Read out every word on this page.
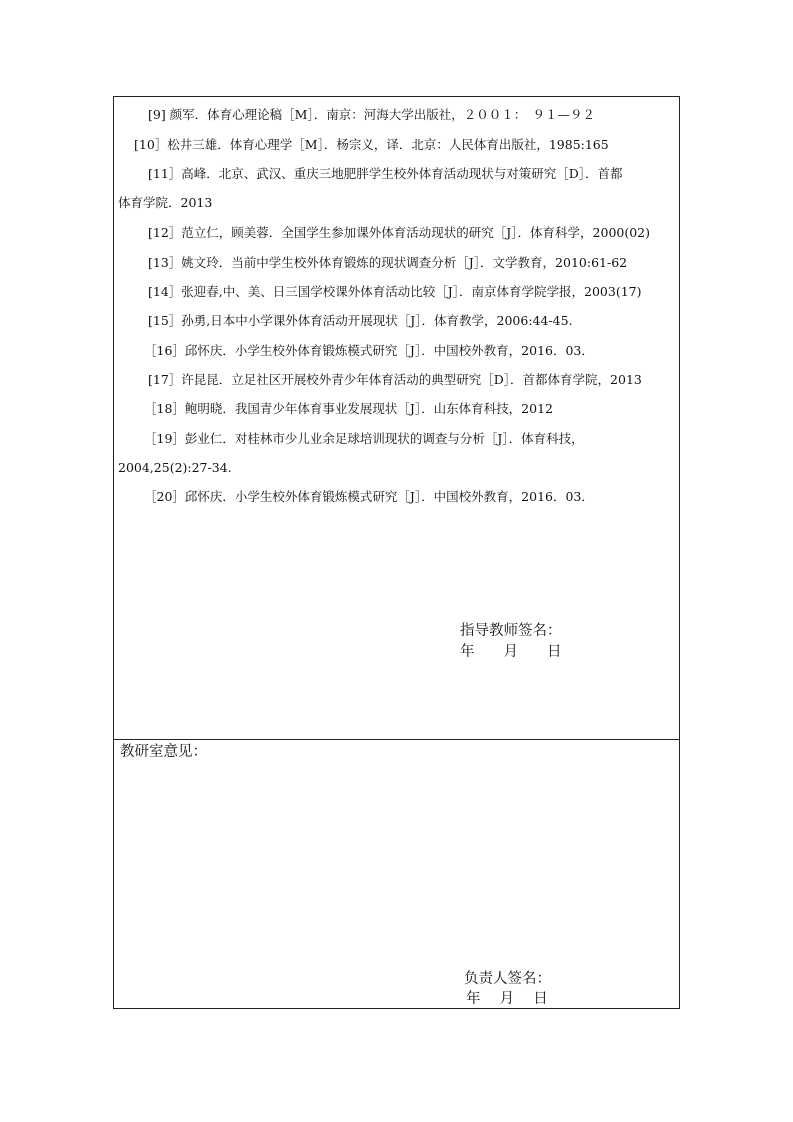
[9] 颜军．体育心理论稿［M］．南京：河海大学出版社，２００１：　９１—９２
[10］松井三雄．体育心理学［M］．杨宗义，译．北京：人民体育出版社，1985:165
[11］高峰．北京、武汉、重庆三地肥胖学生校外体育活动现状与对策研究［D］．首都
体育学院．2013
[12］范立仁，顾美蓉．全国学生参加课外体育活动现状的研究［J］．体育科学，2000(02)
[13］姚文玲．当前中学生校外体育锻炼的现状调查分析［J］．文学教育，2010:61-62
[14］张迎春,中、美、日三国学校课外体育活动比较［J］．南京体育学院学报，2003(17)
[15］孙勇,日本中小学课外体育活动开展现状［J］．体育教学，2006:44-45.
［16］邱怀庆．小学生校外体育锻炼模式研究［J］．中国校外教育，2016．03．
[17］许昆昆．立足社区开展校外青少年体育活动的典型研究［D］．首都体育学院，2013
［18］鲍明晓．我国青少年体育事业发展现状［J］．山东体育科技，2012
［19］彭业仁．对桂林市少儿业余足球培训现状的调查与分析［J］．体育科技，
2004,25(2):27-34.
［20］邱怀庆．小学生校外体育锻炼模式研究［J］．中国校外教育，2016．03．
指导教师签名：
年　　月　　日
教研室意见：
负责人签名：
年　 月　 日
